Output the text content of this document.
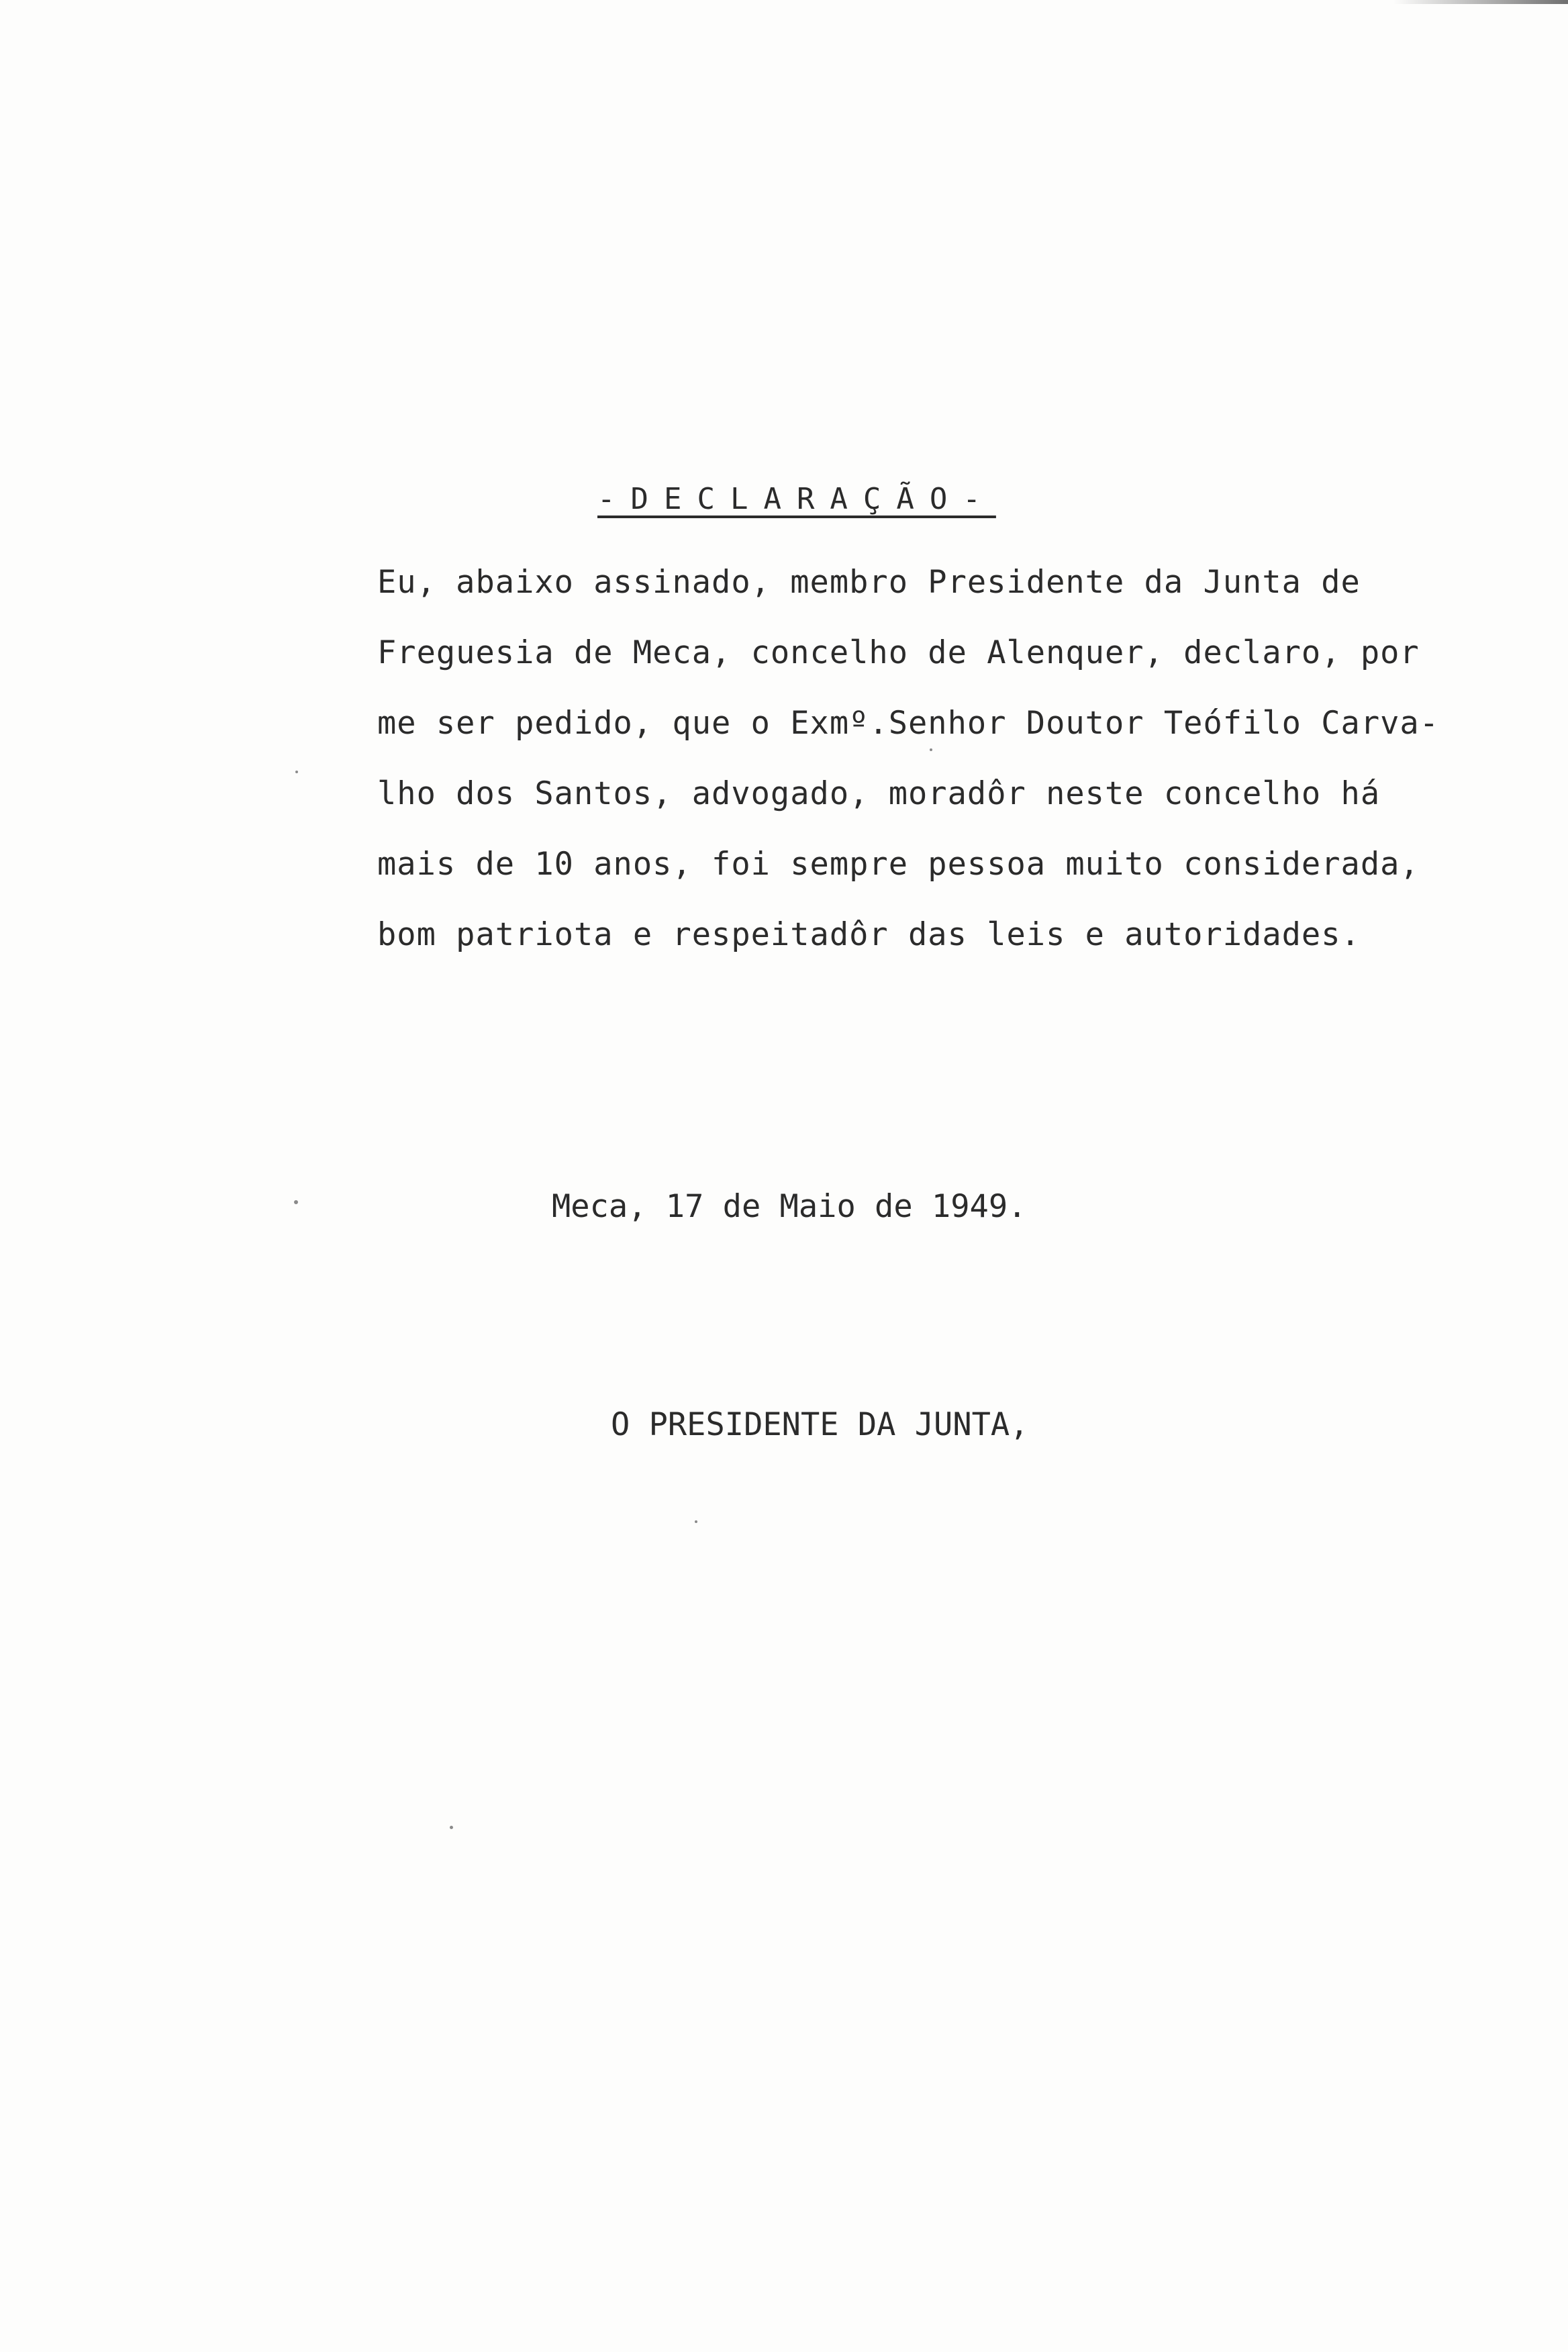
-DECLARAÇÃO-
Eu, abaixo assinado, membro Presidente da Junta de
Freguesia de Meca, concelho de Alenquer, declaro, por
me ser pedido, que o Exmº.Senhor Doutor Teófilo Carva-
lho dos Santos, advogado, moradôr neste concelho há
mais de 10 anos, foi sempre pessoa muito considerada,
bom patriota e respeitadôr das leis e autoridades.
Meca, 17 de Maio de 1949.
O PRESIDENTE DA JUNTA,
